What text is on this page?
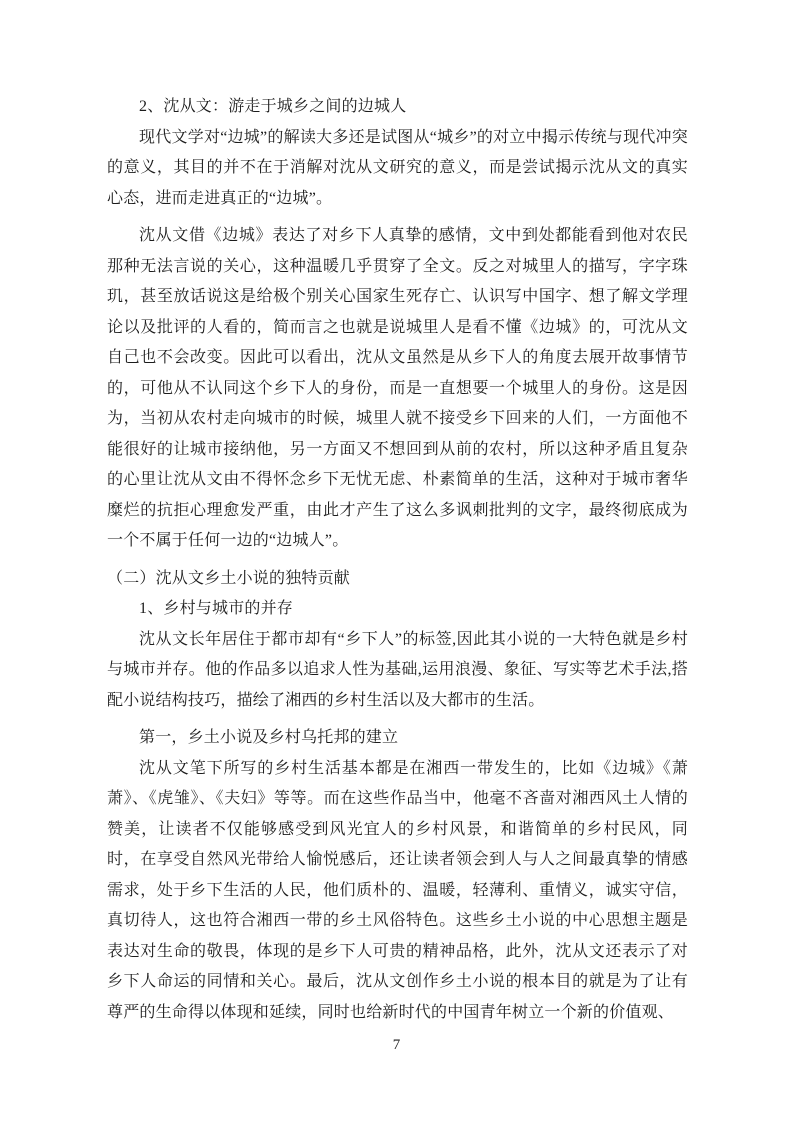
2、沈从文：游走于城乡之间的边城人

现代文学对“边城”的解读大多还是试图从“城乡”的对立中揭示传统与现代冲突的意义，其目的并不在于消解对沈从文研究的意义，而是尝试揭示沈从文的真实心态，进而走进真正的“边城”。

沈从文借《边城》表达了对乡下人真挚的感情，文中到处都能看到他对农民那种无法言说的关心，这种温暖几乎贯穿了全文。反之对城里人的描写，字字珠玑，甚至放话说这是给极个别关心国家生死存亡、认识写中国字、想了解文学理论以及批评的人看的，简而言之也就是说城里人是看不懂《边城》的，可沈从文自己也不会改变。因此可以看出，沈从文虽然是从乡下人的角度去展开故事情节的，可他从不认同这个乡下人的身份，而是一直想要一个城里人的身份。这是因为，当初从农村走向城市的时候，城里人就不接受乡下回来的人们，一方面他不能很好的让城市接纳他，另一方面又不想回到从前的农村，所以这种矛盾且复杂的心里让沈从文由不得怀念乡下无忧无虑、朴素简单的生活，这种对于城市奢华糜烂的抗拒心理愈发严重，由此才产生了这么多讽刺批判的文字，最终彻底成为一个不属于任何一边的“边城人”。

（二）沈从文乡土小说的独特贡献

1、乡村与城市的并存

沈从文长年居住于都市却有“乡下人”的标签,因此其小说的一大特色就是乡村与城市并存。他的作品多以追求人性为基础,运用浪漫、象征、写实等艺术手法,搭配小说结构技巧，描绘了湘西的乡村生活以及大都市的生活。

第一，乡土小说及乡村乌托邦的建立

沈从文笔下所写的乡村生活基本都是在湘西一带发生的，比如《边城》《萧萧》、《虎雏》、《夫妇》等等。而在这些作品当中，他毫不吝啬对湘西风土人情的赞美，让读者不仅能够感受到风光宜人的乡村风景，和谐简单的乡村民风，同时，在享受自然风光带给人愉悦感后，还让读者领会到人与人之间最真挚的情感需求，处于乡下生活的人民，他们质朴的、温暖，轻薄利、重情义，诚实守信，真切待人，这也符合湘西一带的乡土风俗特色。这些乡土小说的中心思想主题是表达对生命的敬畏，体现的是乡下人可贵的精神品格，此外，沈从文还表示了对乡下人命运的同情和关心。最后，沈从文创作乡土小说的根本目的就是为了让有尊严的生命得以体现和延续，同时也给新时代的中国青年树立一个新的价值观、

7
